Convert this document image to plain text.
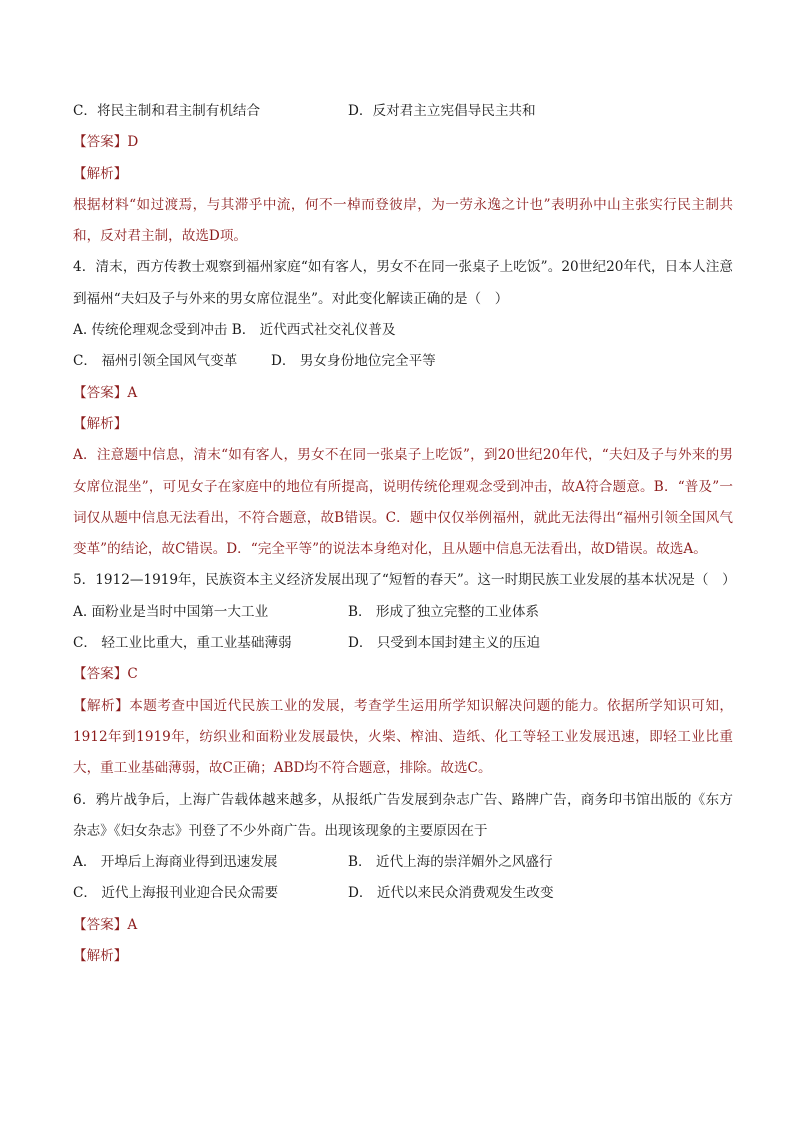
C．将民主制和君主制有机结合	D．反对君主立宪倡导民主共和
【答案】D
【解析】
根据材料“如过渡焉，与其滞乎中流，何不一棹而登彼岸，为一劳永逸之计也”表明孙中山主张实行民主制共和，反对君主制，故选D项。
4．清末，西方传教士观察到福州家庭“如有客人，男女不在同一张桌子上吃饭”。20世纪20年代，日本人注意到福州“夫妇及子与外来的男女席位混坐”。对此变化解读正确的是（　）
A. 传统伦理观念受到冲击 B． 近代西式社交礼仪普及
C． 福州引领全国风气变革	D． 男女身份地位完全平等
【答案】A
【解析】
A．注意题中信息，清末“如有客人，男女不在同一张桌子上吃饭”，到20世纪20年代，“夫妇及子与外来的男女席位混坐”，可见女子在家庭中的地位有所提高，说明传统伦理观念受到冲击，故A符合题意。B．“普及”一词仅从题中信息无法看出，不符合题意，故B错误。C．题中仅仅举例福州，就此无法得出“福州引领全国风气变革”的结论，故C错误。D．“完全平等”的说法本身绝对化，且从题中信息无法看出，故D错误。故选A。
5．1912—1919年，民族资本主义经济发展出现了“短暂的春天”。这一时期民族工业发展的基本状况是（　）
A. 面粉业是当时中国第一大工业	B． 形成了独立完整的工业体系
C． 轻工业比重大，重工业基础薄弱	D． 只受到本国封建主义的压迫
【答案】C
【解析】本题考查中国近代民族工业的发展，考查学生运用所学知识解决问题的能力。依据所学知识可知，1912年到1919年，纺织业和面粉业发展最快，火柴、榨油、造纸、化工等轻工业发展迅速，即轻工业比重大，重工业基础薄弱，故C正确；ABD均不符合题意，排除。故选C。
6．鸦片战争后，上海广告载体越来越多，从报纸广告发展到杂志广告、路牌广告，商务印书馆出版的《东方杂志》《妇女杂志》刊登了不少外商广告。出现该现象的主要原因在于
A． 开埠后上海商业得到迅速发展	B． 近代上海的崇洋媚外之风盛行
C． 近代上海报刊业迎合民众需要	D． 近代以来民众消费观发生改变
【答案】A
【解析】
